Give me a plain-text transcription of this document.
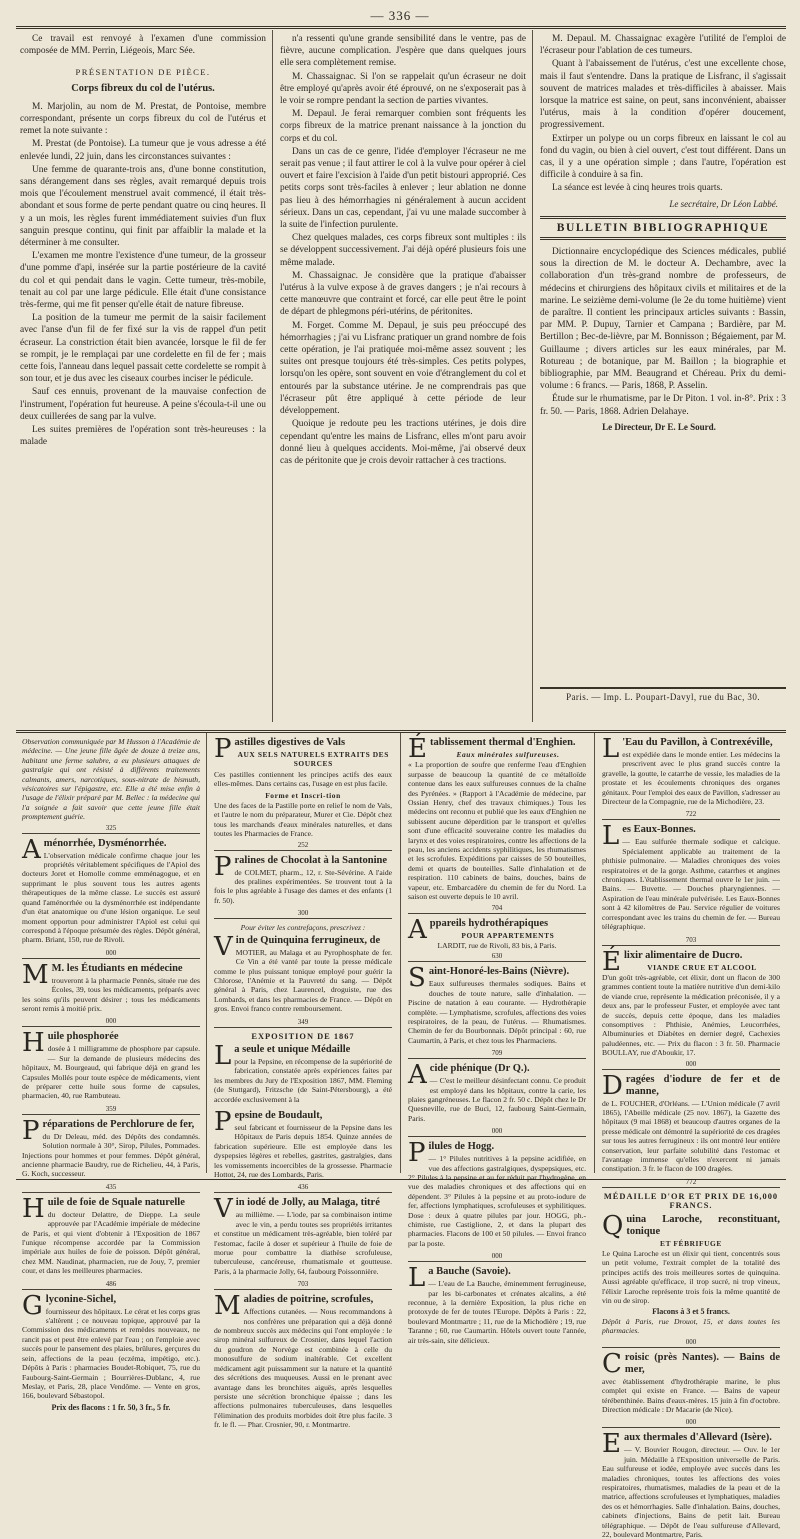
— 336 —

Ce travail est renvoyé à l'examen d'une commission composée de MM. Perrin, Liégeois, Marc Sée.

PRÉSENTATION DE PIÈCE.
Corps fibreux du col de l'utérus.

M. Marjolin, au nom de M. Prestat, de Pontoise, membre correspondant, présente un corps fibreux du col de l'utérus et remet la note suivante :

M. Prestat (de Pontoise). La tumeur que je vous adresse a été enlevée lundi, 22 juin, dans les circonstances suivantes :

Une femme de quarante-trois ans, d'une bonne constitution, sans dérangement dans ses règles, avait remarqué depuis trois mois que l'écoulement menstruel avait commencé, il était très-abondant et sous forme de perte pendant quatre ou cinq heures. Il y a un mois, les règles furent immédiatement suivies d'un flux sanguin presque continu, qui finit par affaiblir la malade et la déterminer à me consulter.

L'examen me montre l'existence d'une tumeur, de la grosseur d'une pomme d'api, insérée sur la partie postérieure de la cavité du col et qui pendait dans le vagin. Cette tumeur, très-mobile, tenait au col par une large pédicule. Elle était d'une consistance très-ferme, qui me fit penser qu'elle était de nature fibreuse.

La position de la tumeur me permit de la saisir facilement avec l'anse d'un fil de fer fixé sur la vis de rappel d'un petit écraseur. La constriction était bien avancée, lorsque le fil de fer se rompit, je le remplaçai par une cordelette en fil de fer ; mais cette fois, l'anneau dans lequel passait cette cordelette se rompit à son tour, et je dus avec les ciseaux courbes inciser le pédicule.

Sauf ces ennuis, provenant de la mauvaise confection de l'instrument, l'opération fut heureuse. A peine s'écoula-t-il une ou deux cuillerées de sang par la vulve.

Les suites premières de l'opération sont très-heureuses : la malade

n'a ressenti qu'une grande sensibilité dans le ventre, pas de fièvre, aucune complication. J'espère que dans quelques jours elle sera complètement remise.

M. Chassaignac. Si l'on se rappelait qu'un écraseur ne doit être employé qu'après avoir été éprouvé, on ne s'exposerait pas à le voir se rompre pendant la section de parties vivantes.

M. Depaul. Je ferai remarquer combien sont fréquents les corps fibreux de la matrice prenant naissance à la jonction du corps et du col.

Dans un cas de ce genre, l'idée d'employer l'écraseur ne me serait pas venue ; il faut attirer le col à la vulve pour opérer à ciel ouvert et faire l'excision à l'aide d'un petit bistouri approprié. Ces petits corps sont très-faciles à enlever ; leur ablation ne donne pas lieu à des hémorrhagies ni généralement à aucun accident sérieux. Dans un cas, cependant, j'ai vu une malade succomber à la suite de l'infection purulente.

Chez quelques malades, ces corps fibreux sont multiples : ils se développent successivement. J'ai déjà opéré plusieurs fois une même malade.

M. Chassaignac. Je considère que la pratique d'abaisser l'utérus à la vulve expose à de graves dangers ; je n'ai recours à cette manœuvre que contraint et forcé, car elle peut être le point de départ de phlegmons péri-utérins, de péritonites.

M. Forget. Comme M. Depaul, je suis peu préoccupé des hémorrhagies ; j'ai vu Lisfranc pratiquer un grand nombre de fois cette opération, je l'ai pratiquée moi-même assez souvent ; les suites ont presque toujours été très-simples. Ces petits polypes, lorsqu'on les opère, sont souvent en voie d'étranglement du col et entourés par la substance utérine. Je ne comprendrais pas que l'écraseur pût être appliqué à cette période de leur développement.

Quoique je redoute peu les tractions utérines, je dois dire cependant qu'entre les mains de Lisfranc, elles m'ont paru avoir donné lieu à quelques accidents. Moi-même, j'ai observé deux cas de péritonite que je crois devoir rattacher à ces tractions.

M. Depaul. M. Chassaignac exagère l'utilité de l'emploi de l'écraseur pour l'ablation de ces tumeurs.

Quant à l'abaissement de l'utérus, c'est une excellente chose, mais il faut s'entendre. Dans la pratique de Lisfranc, il s'agissait souvent de matrices malades et très-difficiles à abaisser. Mais lorsque la matrice est saine, on peut, sans inconvénient, abaisser l'utérus, mais à la condition d'opérer doucement, progressivement.

Extirper un polype ou un corps fibreux en laissant le col au fond du vagin, ou bien à ciel ouvert, c'est tout différent. Dans un cas, il y a une opération simple ; dans l'autre, l'opération est difficile à conduire à sa fin.

La séance est levée à cinq heures trois quarts.

Le secrétaire, Dr Léon Labbé.
BULLETIN BIBLIOGRAPHIQUE

Dictionnaire encyclopédique des Sciences médicales, publié sous la direction de M. le docteur A. Dechambre, avec la collaboration d'un très-grand nombre de professeurs, de médecins et chirurgiens des hôpitaux civils et militaires et de la marine. Le seizième demi-volume (le 2e du tome huitième) vient de paraître. Il contient les principaux articles suivants : Bassin, par MM. P. Dupuy, Tarnier et Campana ; Bardière, par M. Bertillon ; Bec-de-lièvre, par M. Bonnisson ; Bégaiement, par M. Guillaume ; divers articles sur les eaux minérales, par M. Rotureau ; de botanique, par M. Baillon ; la biographie et bibliographie, par MM. Beaugrand et Chéreau. Prix du demi-volume : 6 francs. — Paris, 1868, P. Asselin.

Étude sur le rhumatisme, par le Dr Piton. 1 vol. in-8°. Prix : 3 fr. 50. — Paris, 1868. Adrien Delahaye.

Le Directeur, Dr E. Le Sourd.
Paris. — Imp. L. Poupart-Davyl, rue du Bac, 30.

Observation communiquée par M Husson à l'Académie de médecine. — Une jeune fille âgée de douze à treize ans, habitant une ferme salubre, a eu plusieurs attaques de gastralgie qui ont résisté à différents traitements calmants, amers, narcotiques, sous-nitrate de bismuth, vésicatoires sur l'épigastre, etc. Elle a été mise enfin à l'usage de l'élixir préparé par M. Bellec : la médecine qui l'a soignée a fait savoir que cette jeune fille était promptement guérie.

325
Aménorrhée, Dysménorrhée.

L'observation médicale confirme chaque jour les propriétés véritablement spécifiques de l'Apiol des docteurs Joret et Homolle comme emménagogue, et en supprimant le plus souvent tous les autres agents thérapeutiques de la même classe. Le succès est assuré quand l'aménorrhée ou la dysménorrhée est indépendante d'un état anatomique ou d'une lésion organique. Le seul moment opportun pour administrer l'Apiol est celui qui correspond à l'époque présumée des règles. Dépôt général, pharm. Briant, 150, rue de Rivoli.

000
M M. les Étudiants en médecine

trouveront à la pharmacie Pennès, située rue des Écoles, 39, tous les médicaments, préparés avec les soins qu'ils peuvent désirer ; tous les médicaments seront remis à moitié prix.

000
Huile phosphorée

dosée à 1 milligramme de phosphore par capsule. — Sur la demande de plusieurs médecins des hôpitaux, M. Bourgeaud, qui fabrique déjà en grand les Capsules Mollés pour toute espèce de médicaments, vient de préparer cette huile sous forme de capsules, pharmacien, 40, rue Rambuteau.

359
Préparations de Perchlorure de fer,

du Dr Deleau, méd. des Dépôts des condamnés. Solution normale à 30°, Sirop, Pilules, Pommades. Injections pour hommes et pour femmes. Dépôt général, ancienne pharmacie Baudry, rue de Richelieu, 44, à Paris, G. Koch, successeur.

435
Huile de foie de Squale naturelle

du docteur Delattre, de Dieppe. La seule approuvée par l'Académie impériale de médecine de Paris, et qui vient d'obtenir à l'Exposition de 1867 l'unique récompense accordée par la Commission impériale aux huiles de foie de poisson. Dépôt général, chez MM. Naudinat, pharmacien, rue de Jouy, 7, premier cour, et dans les meilleures pharmacies.

486
Glyconine-Sichel,

fournisseur des hôpitaux. Le cérat et les corps gras s'altèrent ; ce nouveau topique, approuvé par la Commission des médicaments et remèdes nouveaux, ne rancit pas et peut être enlevé par l'eau ; on l'emploie avec succès pour le pansement des plaies, brûlures, gerçures du sein, affections de la peau (eczéma, impétigo, etc.). Dépôts à Paris : pharmacies Boudet-Robiquet, 75, rue du Faubourg-Saint-Germain ; Bourrières-Dublanc, 4, rue Meslay, et Paris, 28, place Vendôme. — Vente en gros, 166, boulevard Sébastopol.

Prix des flacons : 1 fr. 50, 3 fr., 5 fr.
Pastilles digestives de Vals
AUX SELS NATURELS EXTRAITS DES SOURCES

Ces pastilles contiennent les principes actifs des eaux elles-mêmes. Dans certains cas, l'usage en est plus facile.

Forme et Inscri-tion

Une des faces de la Pastille porte en relief le nom de Vals, et l'autre le nom du préparateur, Murer et Cie. Dépôt chez tous les marchands d'eaux minérales naturelles, et dans toutes les Pharmacies de France.

252
Pralines de Chocolat à la Santonine

de COLMET, pharm., 12, r. Ste-Sévérine. A l'aide des pralines expérimentées. Se trouvent tout à la fois le plus agréable à l'usage des dames et des enfants (1 fr. 50).

300

Pour éviter les contrefaçons, prescrivez :

Vin de Quinquina ferrugineux, de

MOTIER, au Malaga et au Pyrophosphate de fer. Ce Vin a été vanté par toute la presse médicale comme le plus puissant tonique employé pour guérir la Chlorose, l'Anémie et la Pauvreté du sang. — Dépôt général à Paris, chez Laurencel, droguiste, rue des Lombards, et dans les pharmacies de France. — Dépôt en gros. Envoi franco contre remboursement.

349
EXPOSITION DE 1867
La seule et unique Médaille

pour la Pepsine, en récompense de la supériorité de fabrication, constatée après expériences faites par les membres du Jury de l'Exposition 1867, MM. Fleming (de Stuttgard), Fritzsche (de Saint-Pétersbourg), a été accordée exclusivement à la

Pepsine de Boudault,

seul fabricant et fournisseur de la Pepsine dans les Hôpitaux de Paris depuis 1854. Quinze années de fabrication supérieure. Elle est employée dans les dyspepsies légères et rebelles, gastrites, gastralgies, dans les vomissements incoercibles de la grossesse. Pharmacie Hottot, 24, rue des Lombards, Paris.

436
Vin iodé de Jolly, au Malaga, titré

au millième. — L'iode, par sa combinaison intime avec le vin, a perdu toutes ses propriétés irritantes et constitue un médicament très-agréable, bien toléré par l'estomac, facile à doser et supérieur à l'huile de foie de morue pour combattre la diathèse scrofuleuse, tuberculeuse, cancéreuse, rhumatismale et goutteuse. Paris, à la pharmacie Jolly, 64, faubourg Poissonnière.

703
Maladies de poitrine, scrofules,

Affections cutanées. — Nous recommandons à nos confrères une préparation qui a déjà donné de nombreux succès aux médecins qui l'ont employée : le sirop minéral sulfureux de Crosnier, dans lequel l'action du goudron de Norvège est combinée à celle du monosulfure de sodium inaltérable. Cet excellent médicament agit puissamment sur la nature et la quantité des sécrétions des muqueuses. Aussi en le prenant avec avantage dans les bronchites aiguës, après lesquelles persiste une sécrétion bronchique épaisse ; dans les affections pulmonaires tuberculeuses, dans lesquelles l'élimination des produits morbides doit être plus facile. 3 fr. le fl. — Phar. Crosnier, 90, r. Montmartre.

Établissement thermal d'Enghien.
Eaux minérales sulfureuses.

« La proportion de soufre que renferme l'eau d'Enghien surpasse de beaucoup la quantité de ce métalloïde contenue dans les eaux sulfureuses connues de la chaîne des Pyrénées. » (Rapport à l'Académie de médecine, par Ossian Henry, chef des travaux chimiques.) Tous les médecins ont reconnu et publié que les eaux d'Enghien ne subissent aucune déperdition par le transport et qu'elles sont d'une efficacité souveraine contre les maladies du larynx et des voies respiratoires, contre les affections de la peau, les anciens accidents syphilitiques, les rhumatismes et les scrofules. Expéditions par caisses de 50 bouteilles, demi et quarts de bouteilles. Salle d'inhalation et de respiration. 110 cabinets de bains, douches, bains de vapeur, etc. Embarcadère du chemin de fer du Nord. La saison est ouverte depuis le 10 avril.

704
Appareils hydrothérapiques
POUR APPARTEMENTS

LARDIT, rue de Rivoli, 83 bis, à Paris.

630
Saint-Honoré-les-Bains (Nièvre).

Eaux sulfureuses thermales sodiques. Bains et douches de toute nature, salle d'inhalation. — Piscine de natation à eau courante. — Hydrothérapie complète. — Lymphatisme, scrofules, affections des voies respiratoires, de la peau, de l'utérus. — Rhumatismes. Chemin de fer du Bourbonnais. Dépôt principal : 60, rue Caumartin, à Paris, et chez tous les Pharmaciens.

709
Acide phénique (Dr Q.).

— C'est le meilleur désinfectant connu. Ce produit est employé dans les hôpitaux, contre la carie, les plaies gangréneuses. Le flacon 2 fr. 50 c. Dépôt chez le Dr Quesneville, rue de Buci, 12, faubourg Saint-Germain, Paris.

000
Pilules de Hogg.

— 1° Pilules nutritives à la pepsine acidifiée, en vue des affections gastralgiques, dyspepsiques, etc. 2° Pilules à la pepsine et au fer réduit par l'hydrogène, en vue des maladies chroniques et des affections qui en dépendent. 3° Pilules à la pepsine et au proto-iodure de fer, affections lymphatiques, scrofuleuses et syphilitiques. Dose : deux à quatre pilules par jour. HOGG, ph.-chimiste, rue Castiglione, 2, et dans la plupart des pharmacies. Flacons de 100 et 50 pilules. — Envoi franco par la poste.

000
La Bauche (Savoie).

— L'eau de La Bauche, éminemment ferrugineuse, par les bi-carbonates et crénates alcalins, a été reconnue, à la dernière Exposition, la plus riche en protoxyde de fer de toutes l'Europe. Dépôts à Paris : 22, boulevard Montmartre ; 11, rue de la Michodière ; 19, rue Taranne ; 60, rue Caumartin. Hôtels ouvert toute l'année, air très-sain, site délicieux.

L 'Eau du Pavillon, à Contrexéville,

est expédiée dans le monde entier. Les médecins la prescrivent avec le plus grand succès contre la gravelle, la goutte, le catarrhe de vessie, les maladies de la prostate et les écoulements chroniques des organes génitaux. Pour l'emploi des eaux de Pavillon, s'adresser au Directeur de la Compagnie, rue de la Michodière, 23.

722
Les Eaux-Bonnes.

— Eau sulfurée thermale sodique et calcique. Spécialement applicable au traitement de la phthisie pulmonaire. — Maladies chroniques des voies respiratoires et de la gorge. Asthme, catarrhes et angines chroniques. L'établissement thermal ouvre le 1er juin. — Bains. — Buvette. — Douches pharyngiennes. — Aspiration de l'eau minérale pulvérisée. Les Eaux-Bonnes sont à 42 kilomètres de Pau. Service régulier de voitures correspondant avec les trains du chemin de fer. — Bureau télégraphique.

703
Élixir alimentaire de Ducro.
VIANDE CRUE ET ALCOOL

D'un goût très-agréable, cet élixir, dont un flacon de 300 grammes contient toute la matière nutritive d'un demi-kilo de viande crue, représente la médication préconisée, il y a deux ans, par le professeur Fuster, et employée avec tant de succès, depuis cette époque, dans les maladies consomptives : Phthisie, Anémies, Leucorrhées, Albuminuries et Diabètes en dernier degré, Cachexies paludéennes, etc. — Prix du flacon : 3 fr. 50. Pharmacie BOULLAY, rue d'Aboukir, 17.

000
Dragées d'iodure de fer et de manne,

de L. FOUCHER, d'Orléans. — L'Union médicale (7 avril 1865), l'Abeille médicale (25 nov. 1867), la Gazette des hôpitaux (9 mai 1868) et beaucoup d'autres organes de la presse médicale ont démontré la supériorité de ces dragées sur tous les autres ferrugineux : ils ont montré leur entière conservation, leur parfaite solubilité dans l'estomac et l'avantage immense qu'elles n'exercent ni jamais constipation. 3 fr. le flacon de 100 dragées.

772
MÉDAILLE D'OR ET PRIX DE 16,000 FRANCS.
Quina Laroche, reconstituant, tonique
ET FÉBRIFUGE

Le Quina Laroche est un élixir qui tient, concentrés sous un petit volume, l'extrait complet de la totalité des principes actifs des trois meilleures sortes de quinquina. Aussi agréable qu'efficace, il trop sucré, ni trop vineux, l'élixir Laroche représente trois fois la même quantité de vin ou de sirop.

Flacons à 3 et 5 francs.

Dépôt à Paris, rue Drouot, 15, et dans toutes les pharmacies.

000
Croisic (près Nantes). — Bains de mer,

avec établissement d'hydrothérapie marine, le plus complet qui existe en France. — Bains de vapeur térébenthinée. Bains d'eaux-mères. 15 juin à fin d'octobre. Direction médicale : Dr Macarie (de Nice).

000
Eaux thermales d'Allevard (Isère).

— V. Bouvier Rougon, directeur. — Ouv. le 1er juin. Médaille à l'Exposition universelle de Paris. Eau sulfureuse et iodée, employée avec succès dans les maladies chroniques, toutes les affections des voies respiratoires, rhumatismes, maladies de la peau et de la matrice, affections scrofuleuses et lymphatiques, maladies des os et hémorrhagies. Salle d'inhalation. Bains, douches, cabinets d'injections, Bains de petit lait. Bureau télégraphique. — Dépôt de l'eau sulfureuse d'Allevard, 22, boulevard Montmartre, Paris.
